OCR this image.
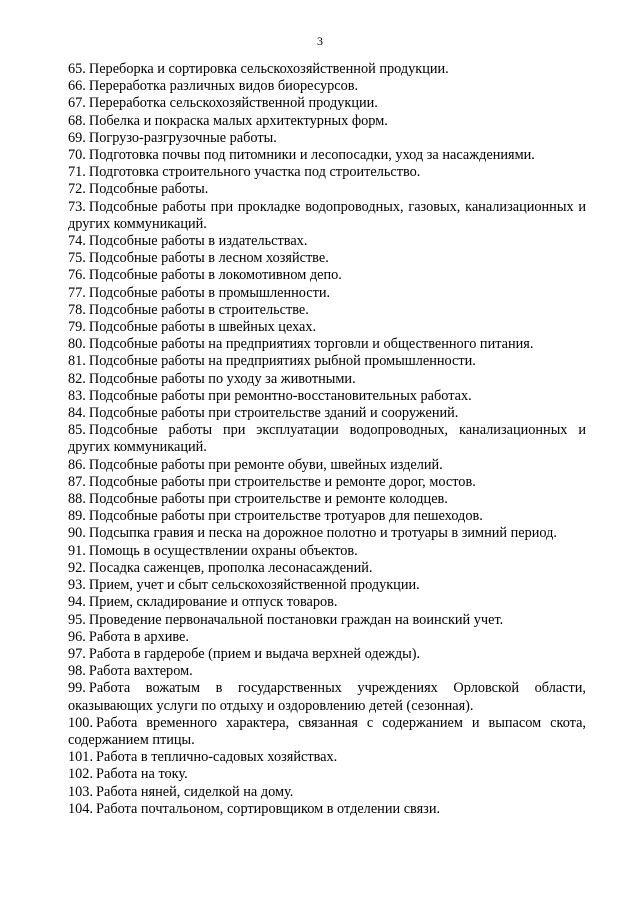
3

65. Переборка и сортировка сельскохозяйственной продукции.

66. Переработка различных видов биоресурсов.

67. Переработка сельскохозяйственной продукции.

68. Побелка и покраска малых архитектурных форм.

69. Погрузо-разгрузочные работы.

70. Подготовка почвы под питомники и лесопосадки, уход за насаждениями.

71. Подготовка строительного участка под строительство.

72. Подсобные работы.

73. Подсобные работы при прокладке водопроводных, газовых, канализационных и других коммуникаций.

74. Подсобные работы в издательствах.

75. Подсобные работы в лесном хозяйстве.

76. Подсобные работы в локомотивном депо.

77. Подсобные работы в промышленности.

78. Подсобные работы в строительстве.

79. Подсобные работы в швейных цехах.

80. Подсобные работы на предприятиях торговли и общественного питания.

81. Подсобные работы на предприятиях рыбной промышленности.

82. Подсобные работы по уходу за животными.

83. Подсобные работы при ремонтно-восстановительных работах.

84. Подсобные работы при строительстве зданий и сооружений.

85. Подсобные работы при эксплуатации водопроводных, канализационных и других коммуникаций.

86. Подсобные работы при ремонте обуви, швейных изделий.

87. Подсобные работы при строительстве и ремонте дорог, мостов.

88. Подсобные работы при строительстве и ремонте колодцев.

89. Подсобные работы при строительстве тротуаров для пешеходов.

90. Подсыпка гравия и песка на дорожное полотно и тротуары в зимний период.

91. Помощь в осуществлении охраны объектов.

92. Посадка саженцев, прополка лесонасаждений.

93. Прием, учет и сбыт сельскохозяйственной продукции.

94. Прием, складирование и отпуск товаров.

95. Проведение первоначальной постановки граждан на воинский учет.

96. Работа в архиве.

97. Работа в гардеробе (прием и выдача верхней одежды).

98. Работа вахтером.

99. Работа вожатым в государственных учреждениях Орловской области, оказывающих услуги по отдыху и оздоровлению детей (сезонная).

100. Работа временного характера, связанная с содержанием и выпасом скота, содержанием птицы.

101. Работа в теплично-садовых хозяйствах.

102. Работа на току.

103. Работа няней, сиделкой на дому.

104. Работа почтальоном, сортировщиком в отделении связи.
